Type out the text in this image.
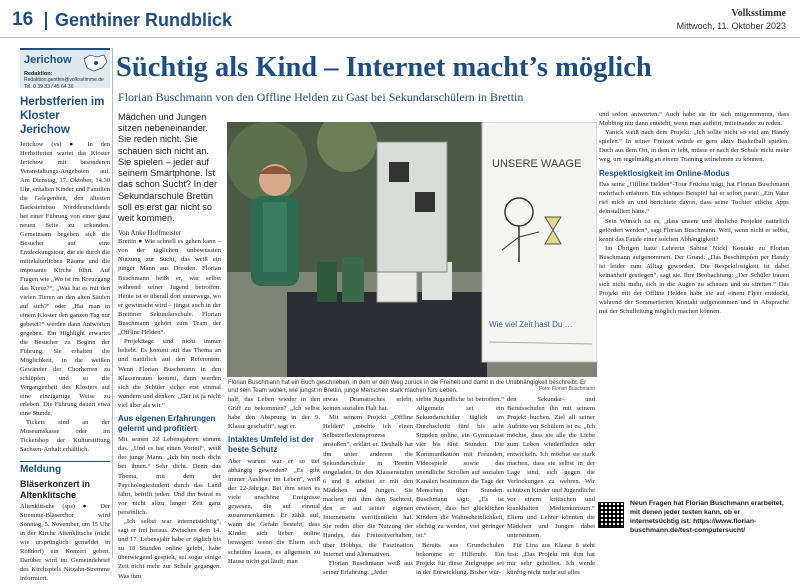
16 Genthiner Rundblick	Volksstimme
Mittwoch, 11. Oktober 2023
Jerichow
Redaktion:
Redaktion.genthin@volksstimme.de
Tel. 0 39 33 / 45 64 36
Herbstferien im Kloster Jerichow

Jerichow (vs) ● In den Herbstferien wartet das Kloster Jerichow mit besonderen Veranstaltungs-Angeboten auf. Am Dienstag, 17. Oktober, 14.30 Uhr, erhalten Kinder und Familien die Gelegenheit, den ältesten Backsteinbau Norddeutschlands bei einer Führung von einer ganz neuen Seite zu erkunden. Gemeinsam begeben sich die Besucher auf eine Entdeckungstour, die sie durch die mittelalterlichen Räume und die imposante Kirche führt. Auf Fragen wie „Wo ist im Kreuzgang das Kreuz?“, „Was hat es mit den vielen Tieren an den alten Säulen auf sich?“ oder „Hat man in einem Kloster den ganzen Tag nur gebetet?“ werden dann Antworten gegeben. Ein Highlight erwartet die Besucher zu Beginn der Führung. Sie erhalten die Möglichkeit, in die weißen Gewänder der Chorherren zu schlüpfen und so die Vergangenheit des Klosters auf eine einzigartige Weise zu erleben. Die Führung dauert etwa eine Stunde.

Tickets sind an der Museumskasse oder im Ticketshop der Kulturstiftung Sachsen-Anhalt erhältlich.

Meldung
Bläserkonzert in Altenklitsche

Altenklitsche (sps) ● Der Stremme-Bläserchor wird Sonntag, 5. November, um 15 Uhr in der Kirche Altenklitsche (nicht wie ursprünglich gemeldet in Roßdorf) ein Konzert geben. Darüber wird im Gemeindebrief des Kirchspiels Nitzahn-Stremme informiert.

Süchtig als Kind – Internet macht’s möglich
Florian Buschmann von den Offline Helden zu Gast bei Sekundarschülern in Brettin

Mädchen und Jungen sitzen nebeneinander. Sie reden nicht. Sie schauen sich nicht an. Sie spielen – jeder auf seinem Smartphone. Ist das schon Sucht? In der Sekundarschule Brettin soll es erst gar nicht so weit kommen.

Von Anke Hoffmeister

Brettin ● Wie schnell es gehen kann – von der täglichen unbewussten Nutzung zur Sucht, das weiß ein junger Mann aus Dresden. Florian Buschmann heißt er, war selbst während seiner Jugend betroffen. Heute ist er überall dort unterwegs, wo er gewünscht wird – jüngst auch in der Brettiner Sekundarschule. Florian Buschmann gehört zum Team der „Offline Helden“.

Projekttage sind nicht immer beliebt. Es kommt auf das Thema an und natürlich auf den Referenten. Wenn Florian Buschmann in den Klassenraum kommt, dann werden sich die Schüler sicher erst einmal wundern und denken: „Der ist ja nicht viel älter als wir.“

Aus eigenen Erfahrungen gelernt und profitiert

Mit seinen 22 Lebensjahren stimmt das. „Und es hat einen Vorteil“, weiß der junge Mann. „Ich bin noch dicht bei ihnen.“ Sehr dicht. Denn das Thema, mit dem der Psychologiestudent durch das Land fährt, betrifft jeden. Und ihn betraf es vor nicht allzu langer Zeit ganz persönlich.

„Ich selbst war internetsüchtig“, sagt er frei heraus. Zwischen dem 14. und 17. Lebensjahr habe er täglich bis zu 18 Stunden online gelebt, habe überwiegend gespielt, sei sogar einige Zeit nicht mehr zur Schule gegangen. Was ihm

UNSERE WAAGE
Wie viel Zeit hast Du …
Florian Buschmann hat ein Buch geschrieben, in dem er den Weg zurück in die Freiheit und damit in die Unabhängigkeit beschreibt. Er und sein Team wollen, wie jüngst in Brettin, junge Menschen stark machen fürs Leben.	Foto: Florian Buschmann

und sofort antworten.“ Auch habe sie für sich mitgenommen, dass Mobbing nur dann entsteht, wenn man aufhört, miteinander zu reden.

Yanick weiß nach dem Projekt: „Ich sollte nicht so viel am Handy spielen.“ In seiner Freizeit würde er gern aktiv Basketball spielen. Doch aus dem Ort, in dem er lebt, müsse er nach der Schule nicht mehr weg, um regelmäßig an einem Training teilnehmen zu können.

Respektlosigkeit im Online-Modus

Das seine „Offline Helden“-Tour Früchte trägt, hat Florian Buschmann mehrfach erfahren. Ein schönes Beispiel hat er sofort parat: „Ein Vater rief mich an und berichtete davon, dass seine Tochter etliche Apps deinstalliert hätte.“

Sein Wunsch ist es, „dass unsere und ähnliche Projekte natürlich gefördert werden“, sagt Florian Buschmann. Weil, wenn nicht er selbst, kennt das Fatale einer solchen Abhängigkeit?

Im Übrigen hatte Lehrerin Sabine Nickl Kontakt zu Florian Buschmann aufgenommen. Der Grund: „Das Beschimpfen per Handy ist leider zum Alltag geworden. Die Respektlosigkeit ist dabei keinanheit gestiegen“, sagt sie. Ihre Beobachtung: „Der Schüler trauen sich nicht mehr, sich in die Augen zu schauen und zu streiten.“ Das Projekt mit der Offline Helden habe sie auf einem Flyer entdeckt, während der Sommerferien Kontakt aufgenommen und in Absprache mit der Schulleitung möglich machen können.

half, das Leben wieder in den Griff zu bekommen? „Ich selbst habe den Absprung in der 9. Klasse geschafft“, sagt er.

Intaktes Umfeld ist der beste Schutz

Aber warum war er so tief abhängig geworden? „Es gibt immer Auslöser im Leben“, weiß der 22-Jährige. Bei ihm seien es viele unschöne Ereignisse gewesen, die auf einmal zusammenkamen. Er zählt auf, wann die Gefahr besteht, dass Kinder sich lieber online bewegen: wenn die Eltern sich scheiden lassen, es allgemein zu Hause nicht gut läuft, man

etwas Dramatisches erlebt, keinen sozialen Halt hat.

Mit seinem Projekt „Offline Helden“ „möchte ich einen Selbstreflexionsprozess anstoßen“, erklärt er. Deshalb hat ihn unter anderem die Sekundarschule in Brettin eingeladen. In den Klassenstufen 6 und 8 arbeitet er mit den Mädchen und Jungen. Sie machen mit ihm den Sachtest, den er auf seiner eigenen Internetseite veröffentlicht hat. Sie reden über die Nutzung der Handys, das Freizeitverhalten, über Hobbys, die Faszination Internet und Alternativen.

Florian Buschmann weiß aus seiner Erfahrung: „Jeder

siebte Jugendliche ist betroffen.“ Allgemein sei ein Sekundarschüler täglich im Durchschnitt fünf bis acht Stunden online, ein Gymnasiast vier bis fünf Stunden. Die Kommunikation mit Freunden, Videospiele sowie das unendliche Scrollen auf sozialen Kanälen bestimmen die Tage der Menschen über Stunden. Buschmann sagt: „Es ist erwiesen, dass bei glücklichen Kindern die Wahrscheinlichkeit, süchtig zu werden, viel geringer ist.“

Bereits aus Grundschulen bekomme er Hilferufe. Ein Projekt für diese Zielgruppe sei in der Entwicklung. Bisher wür-

den Sekundar- und Berufsschulen ihn mit seinem Projekt buchen. Ziel all seiner Aufritte vor Schülern ist es: „Ich möchte, dass sie alle die Liebe zum Leben wiederfinden oder entwickeln. Ich möchte sie stark machen, dass sie selbst in der Lage sind, sich gegen die Verlockungen zu wehren. Wir schützen Kinder und Jugendliche vor einem kritischen und krankhaften Medienkonsum.“ Eltern und Lehrer könnten die Mädchen und Jungen dabei unterstützen.

Für Lina aus Klasse 8 steht fest: „Das Projekt mit ihm hat mir sehr geholfen. Ich werde künftig nicht mehr auf alles

Neun Fragen hat Florian Buschmann erarbeitet, mit denen jeder testen kann, ob er internetsüchtig ist: https://www.florian-buschmann.de/test-computersucht/
